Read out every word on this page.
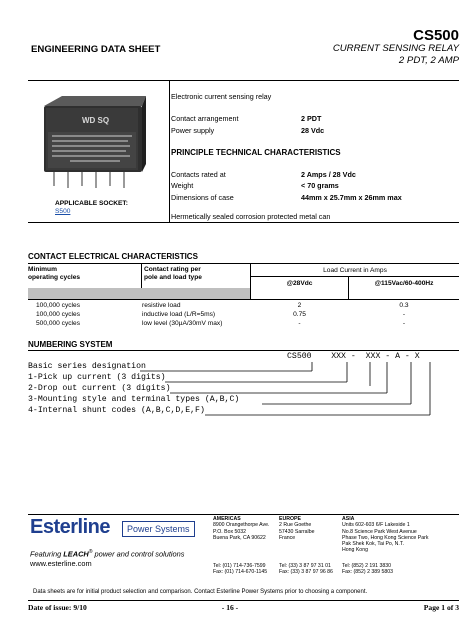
ENGINEERING DATA SHEET
CS500
CURRENT SENSING RELAY
2 PDT, 2 AMP
WD SQ
APPLICABLE SOCKET:
S500
Electronic current sensing relay
Contact arrangement	2 PDT
Power supply	28 Vdc
PRINCIPLE TECHNICAL CHARACTERISTICS
Contacts rated at	2 Amps / 28 Vdc
Weight	< 70 grams
Dimensions of case	44mm x 25.7mm x 26mm max
Hermetically sealed corrosion protected metal can
CONTACT ELECTRICAL CHARACTERISTICS
Minimum
operating cycles
Contact rating per
pole and load type
Load Current in Amps
@28Vdc	@115Vac/60-400Hz
100,000 cycles	resistive load	2	0.3
100,000 cycles	inductive load (L/R=5ms)	0.75	-
500,000 cycles	low level (30µA/30mV max)	-	-
NUMBERING SYSTEM
CS500    XXX -  XXX - A - X
Basic series designation
1-Pick up current (3 digits)
2-Drop out current (3 digits)
3-Mounting style and terminal types (A,B,C)
4-Internal shunt codes (A,B,C,D,E,F)
Esterline	Power Systems
Featuring LEACH® power and control solutions
www.esterline.com
AMERICAS
8900 Orangethorpe Ave.
P.O. Box 5032
Buena Park, CA 90622
Tel: (01) 714-736-7599
Fax: (01) 714-670-1145
EUROPE
2 Rue Goethe
57430 Sarralbe
France
Tel: (33) 3 87 97 31 01
Fax: (33) 3 87 97 96 86
ASIA
Units 602-603 6/F Lakeside 1
No.8 Science Park West Avenue
Phase Two, Hong Kong Science Park
Pak Shek Kok, Tai Po, N.T.
Hong Kong
Tel: (852) 2 191 3830
Fax: (852) 2 389 5803
Data sheets are for initial product selection and comparison. Contact Esterline Power Systems prior to choosing a component.
Date of issue: 9/10	- 16 -	Page 1 of 3
